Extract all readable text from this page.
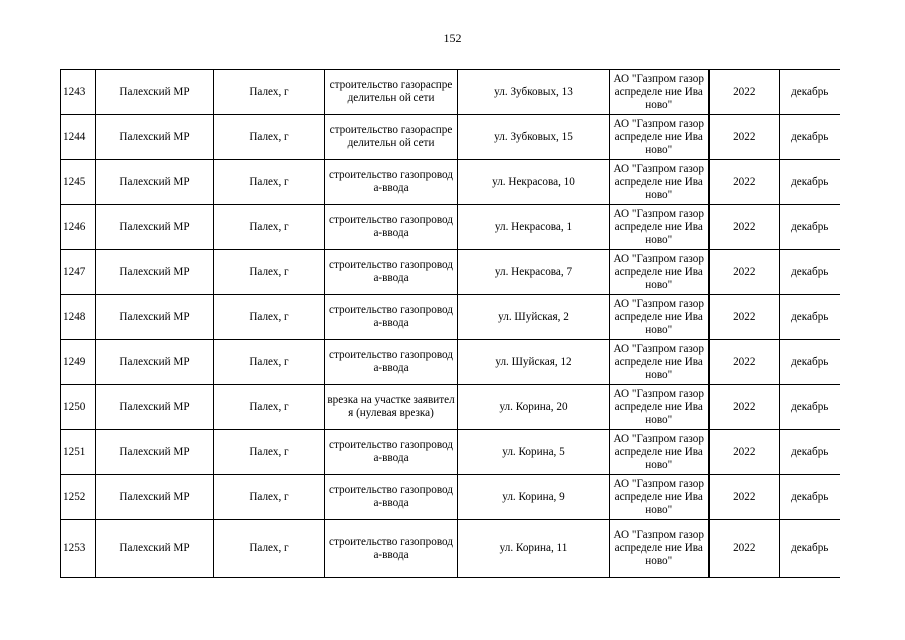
152
1243	Палехский МР	Палех, г	строительство газораспределительн ой сети	ул. Зубковых, 13	АО "Газпром газораспределе ние Иваново"	2022	декабрь
1244	Палехский МР	Палех, г	строительство газораспределительн ой сети	ул. Зубковых, 15	АО "Газпром газораспределе ние Иваново"	2022	декабрь
1245	Палехский МР	Палех, г	строительство газопровода-ввода	ул. Некрасова, 10	АО "Газпром газораспределе ние Иваново"	2022	декабрь
1246	Палехский МР	Палех, г	строительство газопровода-ввода	ул. Некрасова, 1	АО "Газпром газораспределе ние Иваново"	2022	декабрь
1247	Палехский МР	Палех, г	строительство газопровода-ввода	ул. Некрасова, 7	АО "Газпром газораспределе ние Иваново"	2022	декабрь
1248	Палехский МР	Палех, г	строительство газопровода-ввода	ул. Шуйская, 2	АО "Газпром газораспределе ние Иваново"	2022	декабрь
1249	Палехский МР	Палех, г	строительство газопровода-ввода	ул. Шуйская, 12	АО "Газпром газораспределе ние Иваново"	2022	декабрь
1250	Палехский МР	Палех, г	врезка на участке заявителя (нулевая врезка)	ул. Корина, 20	АО "Газпром газораспределе ние Иваново"	2022	декабрь
1251	Палехский МР	Палех, г	строительство газопровода-ввода	ул. Корина, 5	АО "Газпром газораспределе ние Иваново"	2022	декабрь
1252	Палехский МР	Палех, г	строительство газопровода-ввода	ул. Корина, 9	АО "Газпром газораспределе ние Иваново"	2022	декабрь
1253	Палехский МР	Палех, г	строительство газопровода-ввода	ул. Корина, 11	АО "Газпром газораспределе ние Иваново"	2022	декабрь
